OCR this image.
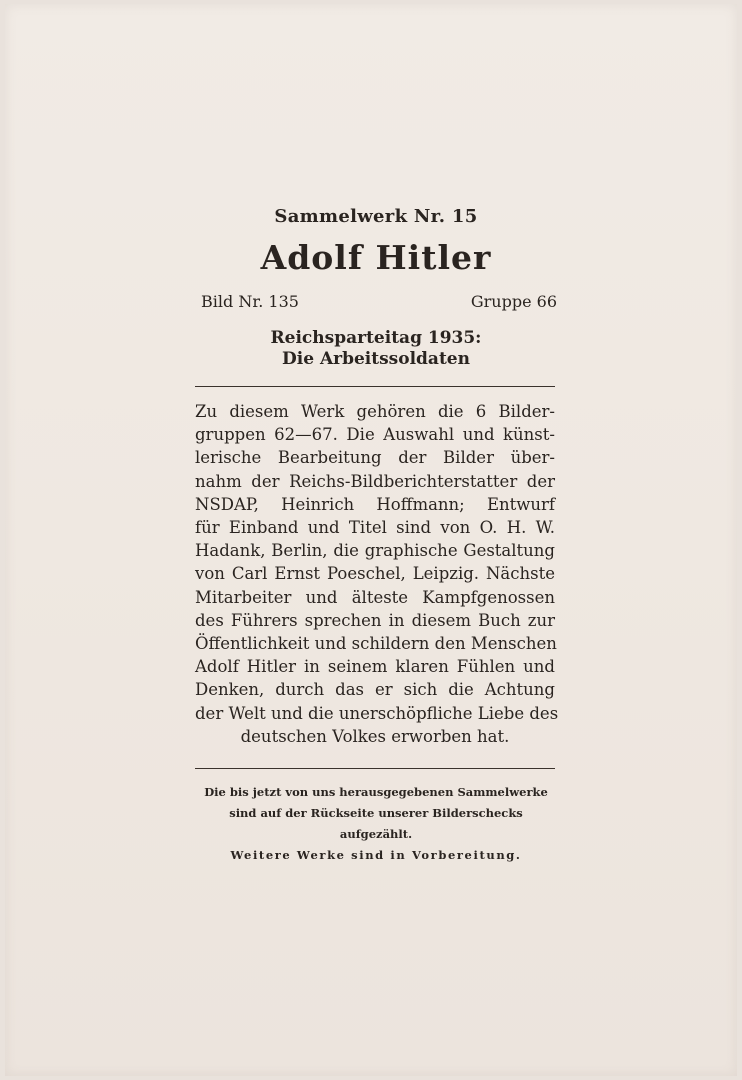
Sammelwerk Nr. 15
Adolf Hitler
Bild Nr. 135	Gruppe 66
Reichsparteitag 1935:
Die Arbeitssoldaten
Zu diesem Werk gehören die 6 Bilder-
gruppen 62—67. Die Auswahl und künst-
lerische Bearbeitung der Bilder über-
nahm der Reichs-Bildberichterstatter der
NSDAP, Heinrich Hoffmann; Entwurf
für Einband und Titel sind von O. H. W.
Hadank, Berlin, die graphische Gestaltung
von Carl Ernst Poeschel, Leipzig. Nächste
Mitarbeiter und älteste Kampfgenossen
des Führers sprechen in diesem Buch zur
Öffentlichkeit und schildern den Menschen
Adolf Hitler in seinem klaren Fühlen und
Denken, durch das er sich die Achtung
der Welt und die unerschöpfliche Liebe des
deutschen Volkes erworben hat.
Die bis jetzt von uns herausgegebenen Sammelwerke
sind auf der Rückseite unserer Bilderschecks aufgezählt.
Weitere Werke sind in Vorbereitung.
